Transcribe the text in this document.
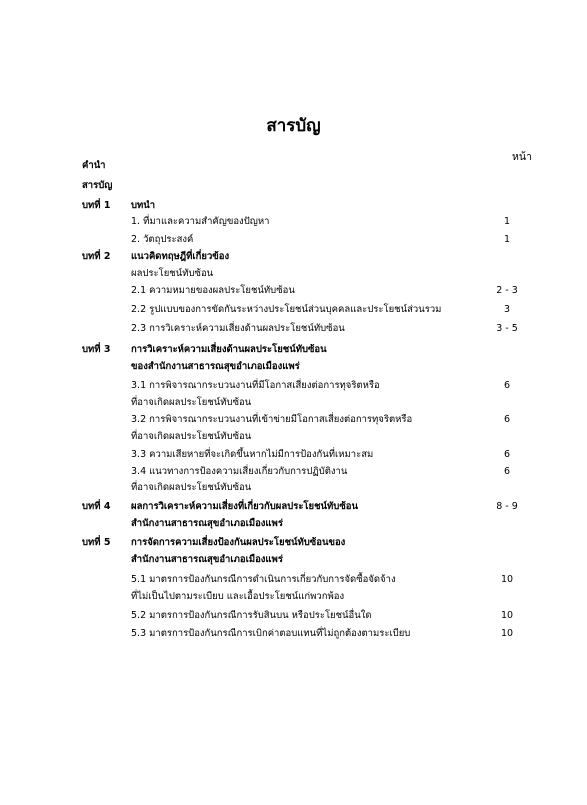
สารบัญ
หน้า
คำนำ
สารบัญ
บทที่ 1 บทนำ
1. ที่มาและความสำคัญของปัญหา	1
2. วัตถุประสงค์	1
บทที่ 2 แนวคิดทฤษฎีที่เกี่ยวข้อง
ผลประโยชน์ทับซ้อน
2.1 ความหมายของผลประโยชน์ทับซ้อน	2 - 3
2.2 รูปแบบของการขัดกันระหว่างประโยชน์ส่วนบุคคลและประโยชน์ส่วนรวม	3
2.3 การวิเคราะห์ความเสี่ยงด้านผลประโยชน์ทับซ้อน	3 - 5
บทที่ 3 การวิเคราะห์ความเสี่ยงด้านผลประโยชน์ทับซ้อน
ของสำนักงานสาธารณสุขอำเภอเมืองแพร่
3.1 การพิจารณากระบวนงานที่มีโอกาสเสี่ยงต่อการทุจริตหรือ	6
ที่อาจเกิดผลประโยชน์ทับซ้อน
3.2 การพิจารณากระบวนงานที่เข้าข่ายมีโอกาสเสี่ยงต่อการทุจริตหรือ	6
ที่อาจเกิดผลประโยชน์ทับซ้อน
3.3 ความเสียหายที่จะเกิดขึ้นหากไม่มีการป้องกันที่เหมาะสม	6
3.4 แนวทางการป้องความเสี่ยงเกี่ยวกับการปฏิบัติงาน	6
ที่อาจเกิดผลประโยชน์ทับซ้อน
บทที่ 4 ผลการวิเคราะห์ความเสี่ยงที่เกี่ยวกับผลประโยชน์ทับซ้อน	8 - 9
สำนักงานสาธารณสุขอำเภอเมืองแพร่
บทที่ 5 การจัดการความเสี่ยงป้องกันผลประโยชน์ทับซ้อนของ
สำนักงานสาธารณสุขอำเภอเมืองแพร่
5.1 มาตรการป้องกันกรณีการดำเนินการเกี่ยวกับการจัดซื้อจัดจ้าง	10
ที่ไม่เป็นไปตามระเบียบ และเอื้อประโยชน์แก่พวกพ้อง
5.2 มาตรการป้องกันกรณีการรับสินบน หรือประโยชน์อื่นใด	10
5.3 มาตรการป้องกันกรณีการเบิกค่าตอบแทนที่ไม่ถูกต้องตามระเบียบ	10
